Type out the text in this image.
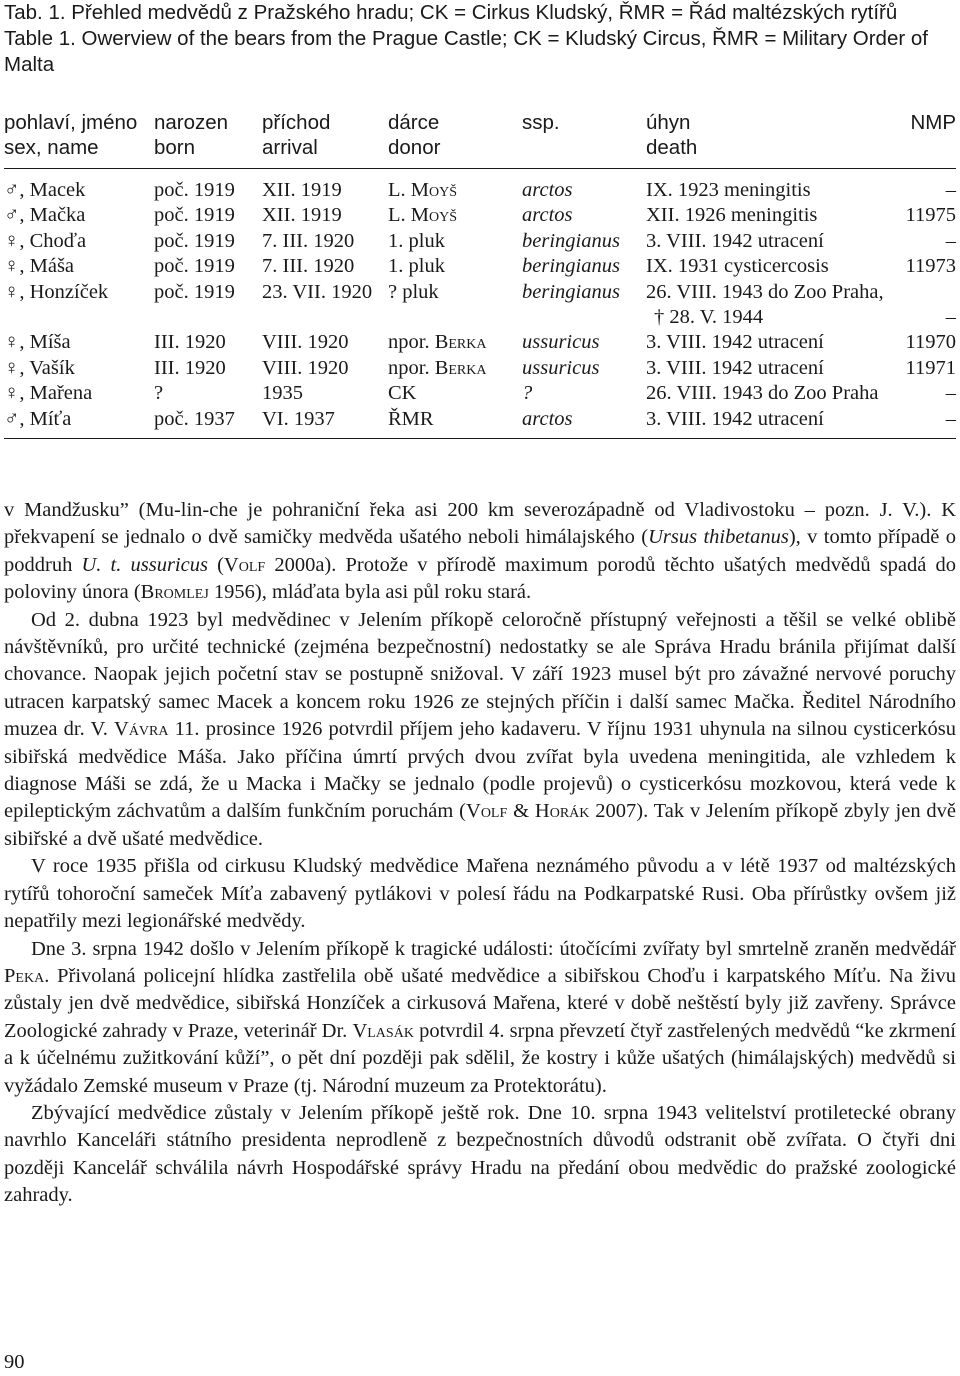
Tab. 1. Přehled medvědů z Pražského hradu; CK = Cirkus Kludský, ŘMR = Řád maltézských rytířů
Table 1. Owerview of the bears from the Prague Castle; CK = Kludský Circus, ŘMR = Military Order of Malta
pohlaví, jméno	narozen	příchod	dárce	ssp.	úhyn	NMP
sex, name	born	arrival	donor		death	
♂, Macek	poč. 1919	XII. 1919	L. Moyš	arctos	IX. 1923 meningitis	–
♂, Mačka	poč. 1919	XII. 1919	L. Moyš	arctos	XII. 1926 meningitis	11975
♀, Choďa	poč. 1919	7. III. 1920	1. pluk	beringianus	3. VIII. 1942 utracení	–
♀, Máša	poč. 1919	7. III. 1920	1. pluk	beringianus	IX. 1931 cysticercosis	11973
♀, Honzíček	poč. 1919	23. VII. 1920	? pluk	beringianus	26. VIII. 1943 do Zoo Praha,	
					† 28. V. 1944	–
♀, Míša	III. 1920	VIII. 1920	npor. Berka	ussuricus	3. VIII. 1942 utracení	11970
♀, Vašík	III. 1920	VIII. 1920	npor. Berka	ussuricus	3. VIII. 1942 utracení	11971
♀, Mařena	?	1935	CK	?	26. VIII. 1943 do Zoo Praha	–
♂, Míťa	poč. 1937	VI. 1937	ŘMR	arctos	3. VIII. 1942 utracení	–

v Mandžusku” (Mu-lin-che je pohraniční řeka asi 200 km severozápadně od Vladivostoku – pozn. J. V.). K překvapení se jednalo o dvě samičky medvěda ušatého neboli himálajského (Ursus thibetanus), v tomto případě o poddruh U. t. ussuricus (Volf 2000a). Protože v přírodě maximum porodů těchto ušatých medvědů spadá do poloviny února (Bromlej 1956), mláďata byla asi půl roku stará.

Od 2. dubna 1923 byl medvědinec v Jelením příkopě celoročně přístupný veřejnosti a těšil se velké oblibě návštěvníků, pro určité technické (zejména bezpečnostní) nedostatky se ale Správa Hradu bránila přijímat další chovance. Naopak jejich početní stav se postupně snižoval. V září 1923 musel být pro závažné nervové poruchy utracen karpatský samec Macek a koncem roku 1926 ze stejných příčin i další samec Mačka. Ředitel Národního muzea dr. V. Vávra 11. prosince 1926 potvrdil příjem jeho kadaveru. V říjnu 1931 uhynula na silnou cysticerkósu sibiřská medvědice Máša. Jako příčina úmrtí prvých dvou zvířat byla uvedena meningitida, ale vzhledem k diagnose Máši se zdá, že u Macka i Mačky se jednalo (podle projevů) o cysticerkósu mozkovou, která vede k epileptickým záchvatům a dalším funkčním poruchám (Volf & Horák 2007). Tak v Jelením příkopě zbyly jen dvě sibiřské a dvě ušaté medvědice.

V roce 1935 přišla od cirkusu Kludský medvědice Mařena neznámého původu a v létě 1937 od maltézských rytířů tohoroční sameček Míťa zabavený pytlákovi v polesí řádu na Podkarpatské Rusi. Oba přírůstky ovšem již nepatřily mezi legionářské medvědy.

Dne 3. srpna 1942 došlo v Jelením příkopě k tragické události: útočícími zvířaty byl smrtelně zraněn medvědář Peka. Přivolaná policejní hlídka zastřelila obě ušaté medvědice a sibiřskou Choďu i karpatského Míťu. Na živu zůstaly jen dvě medvědice, sibiřská Honzíček a cirkusová Mařena, které v době neštěstí byly již zavřeny. Správce Zoologické zahrady v Praze, veterinář Dr. Vlasák potvrdil 4. srpna převzetí čtyř zastřelených medvědů “ke zkrmení a k účelnému zužitkování kůží”, o pět dní později pak sdělil, že kostry i kůže ušatých (himálajských) medvědů si vyžádalo Zemské museum v Praze (tj. Národní muzeum za Protektorátu).

Zbývající medvědice zůstaly v Jelením příkopě ještě rok. Dne 10. srpna 1943 velitelství protiletecké obrany navrhlo Kanceláři státního presidenta neprodleně z bezpečnostních důvodů odstranit obě zvířata. O čtyři dni později Kancelář schválila návrh Hospodářské správy Hradu na předání obou medvědic do pražské zoologické zahrady.

90
